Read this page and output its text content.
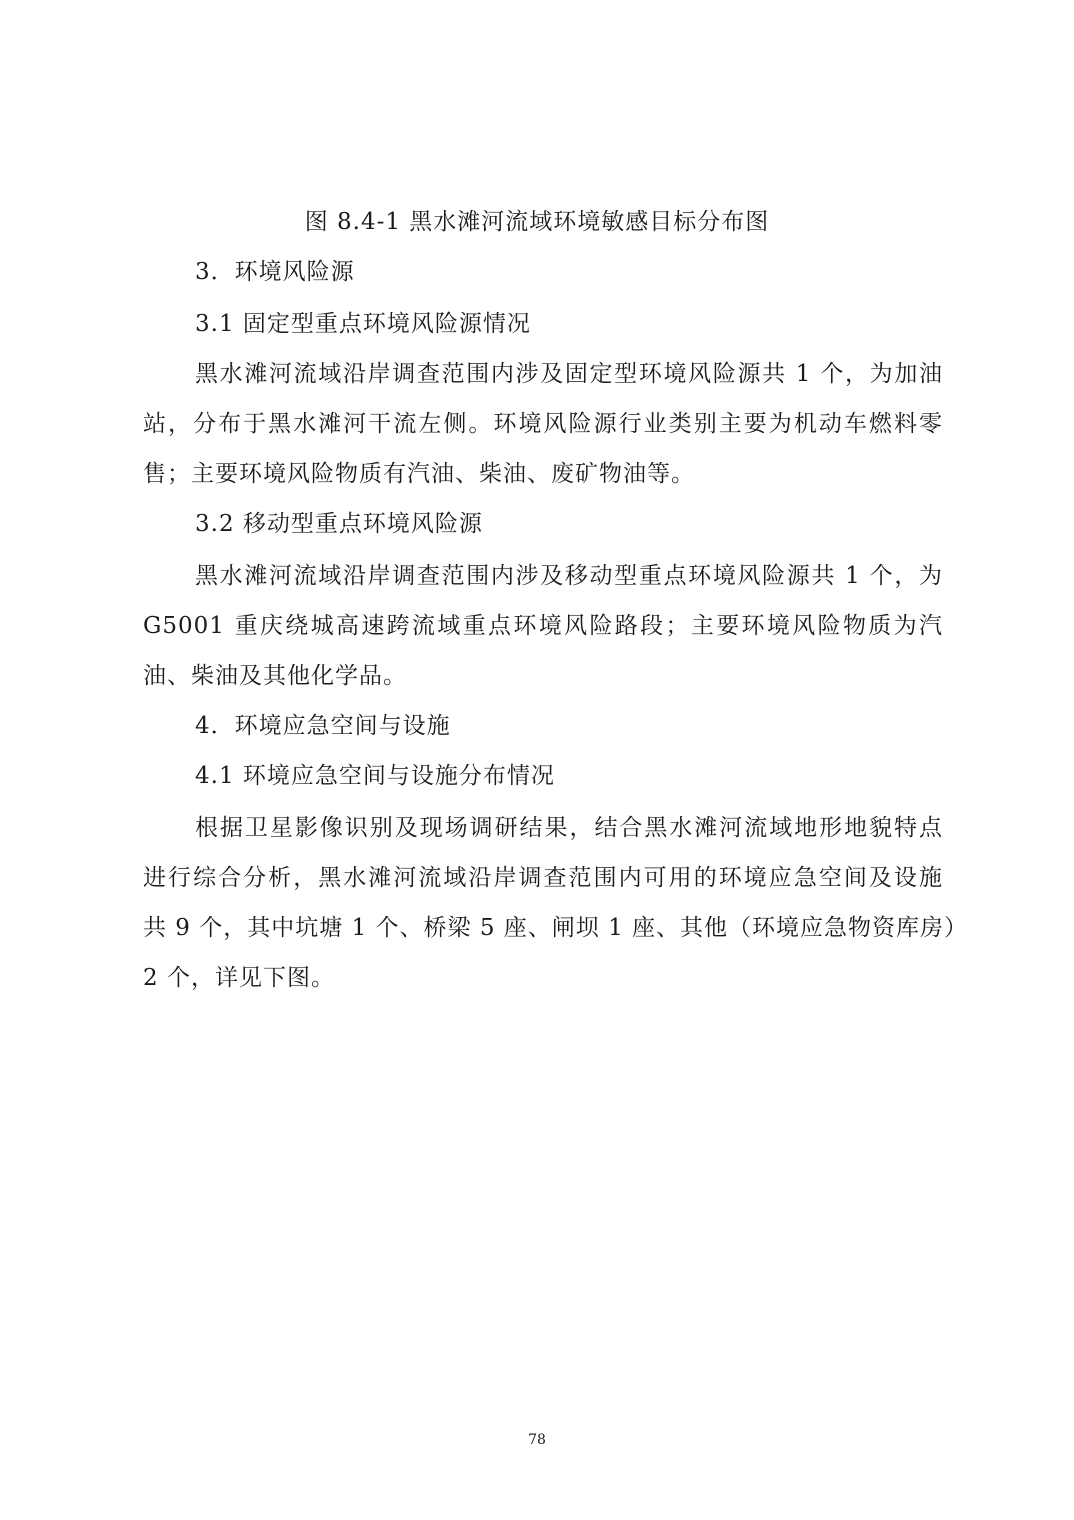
图 8.4-1 黑水滩河流域环境敏感目标分布图
3．环境风险源
3.1 固定型重点环境风险源情况
黑水滩河流域沿岸调查范围内涉及固定型环境风险源共 1 个，为加油
站，分布于黑水滩河干流左侧。环境风险源行业类别主要为机动车燃料零
售；主要环境风险物质有汽油、柴油、废矿物油等。
3.2 移动型重点环境风险源
黑水滩河流域沿岸调查范围内涉及移动型重点环境风险源共 1 个，为
G5001 重庆绕城高速跨流域重点环境风险路段；主要环境风险物质为汽
油、柴油及其他化学品。
4．环境应急空间与设施
4.1 环境应急空间与设施分布情况
根据卫星影像识别及现场调研结果，结合黑水滩河流域地形地貌特点
进行综合分析，黑水滩河流域沿岸调查范围内可用的环境应急空间及设施
共 9 个，其中坑塘 1 个、桥梁 5 座、闸坝 1 座、其他（环境应急物资库房）
2 个，详见下图。
78
